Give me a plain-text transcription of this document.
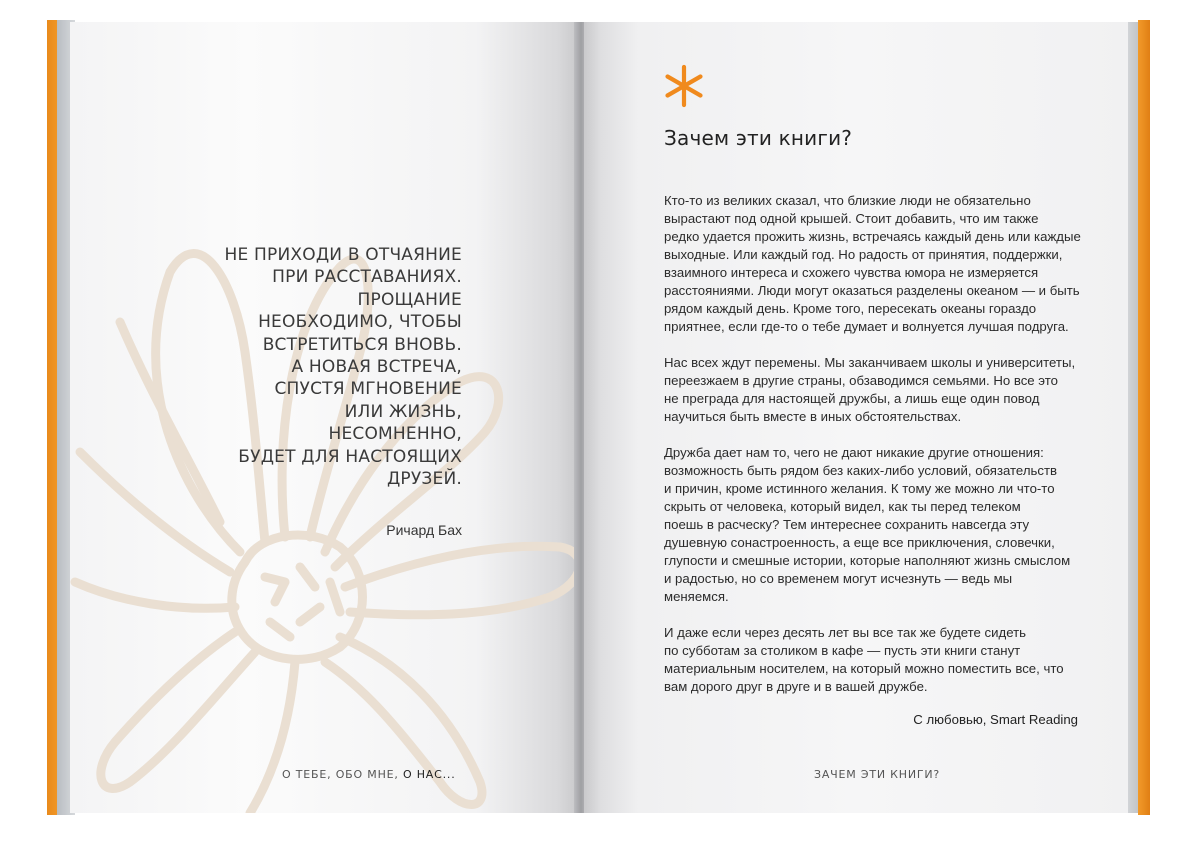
НЕ ПРИХОДИ В ОТЧАЯНИЕ
ПРИ РАССТАВАНИЯХ.
ПРОЩАНИЕ
НЕОБХОДИМО, ЧТОБЫ
ВСТРЕТИТЬСЯ ВНОВЬ.
А НОВАЯ ВСТРЕЧА,
СПУСТЯ МГНОВЕНИЕ
ИЛИ ЖИЗНЬ,
НЕСОМНЕННО,
БУДЕТ ДЛЯ НАСТОЯЩИХ
ДРУЗЕЙ.
Ричард Бах
О ТЕБЕ, ОБО МНЕ, О НАС...
Зачем эти книги?
Кто-то из великих сказал, что близкие люди не обязательно
вырастают под одной крышей. Стоит добавить, что им также
редко удается прожить жизнь, встречаясь каждый день или каждые
выходные. Или каждый год. Но радость от принятия, поддержки,
взаимного интереса и схожего чувства юмора не измеряется
расстояниями. Люди могут оказаться разделены океаном — и быть
рядом каждый день. Кроме того, пересекать океаны гораздо
приятнее, если где-то о тебе думает и волнуется лучшая подруга.
Нас всех ждут перемены. Мы заканчиваем школы и университеты,
переезжаем в другие страны, обзаводимся семьями. Но все это
не преграда для настоящей дружбы, а лишь еще один повод
научиться быть вместе в иных обстоятельствах.
Дружба дает нам то, чего не дают никакие другие отношения:
возможность быть рядом без каких-либо условий, обязательств
и причин, кроме истинного желания. К тому же можно ли что-то
скрыть от человека, который видел, как ты перед телеком
поешь в расческу? Тем интереснее сохранить навсегда эту
душевную сонастроенность, а еще все приключения, словечки,
глупости и смешные истории, которые наполняют жизнь смыслом
и радостью, но со временем могут исчезнуть — ведь мы
меняемся.
И даже если через десять лет вы все так же будете сидеть
по субботам за столиком в кафе — пусть эти книги станут
материальным носителем, на который можно поместить все, что
вам дорого друг в друге и в вашей дружбе.
С любовью, Smart Reading
ЗАЧЕМ ЭТИ КНИГИ?
